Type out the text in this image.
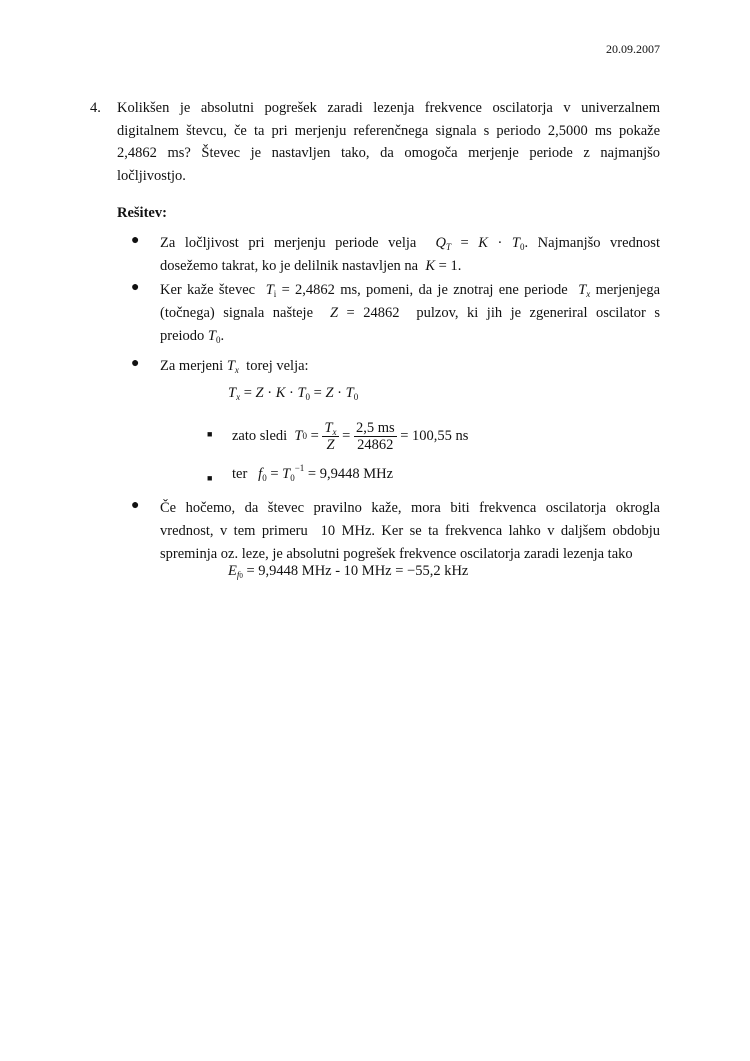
20.09.2007
4. Kolikšen je absolutni pogrešek zaradi lezenja frekvence oscilatorja v univerzalnem

digitalnem števcu, če ta pri merjenju referenčnega signala s periodo 2,5000 ms pokaže

2,4862 ms? Števec je nastavljen tako, da omogoča merjenje periode z najmanjšo

ločljivostjo.

Rešitev:
● Za ločljivost pri merjenju periode velja $Q_T = K \cdot T_0$. Najmanjšo vrednost
dosežemo takrat, ko je delilnik nastavljen na K = 1.
● Ker kaže števec $T_i = 2,4862$ ms, pomeni, da je znotraj ene periode $T_x$ merjenjega
(točnega) signala našteje Z = 24862 pulzov, ki jih je zgeneriral oscilator s
preiodo $T_0$.
● Za merjeni $T_x$ torej velja:
$T_x = Z \cdot K \cdot T_0 = Z \cdot T_0$
■ zato sledi
T $0 = \frac{T_x}{Z} = \frac{2,5 ms}{24862}$
= 100,55 ns
■ ter $f_0 = T_0^{-1} = 9,9448$ MHz
● Če hočemo, da števec pravilno kaže, mora biti frekvenca oscilatorja okrogla
vrednost, v tem primeru 10 MHz. Ker se ta frekvenca lahko v daljšem obdobju
spreminja oz. leze, je absolutni pogrešek frekvence oscilatorja zaradi lezenja tako
$E_{f0} = 9,9448$ MHz - 10 MHz = −55,2 kHz
